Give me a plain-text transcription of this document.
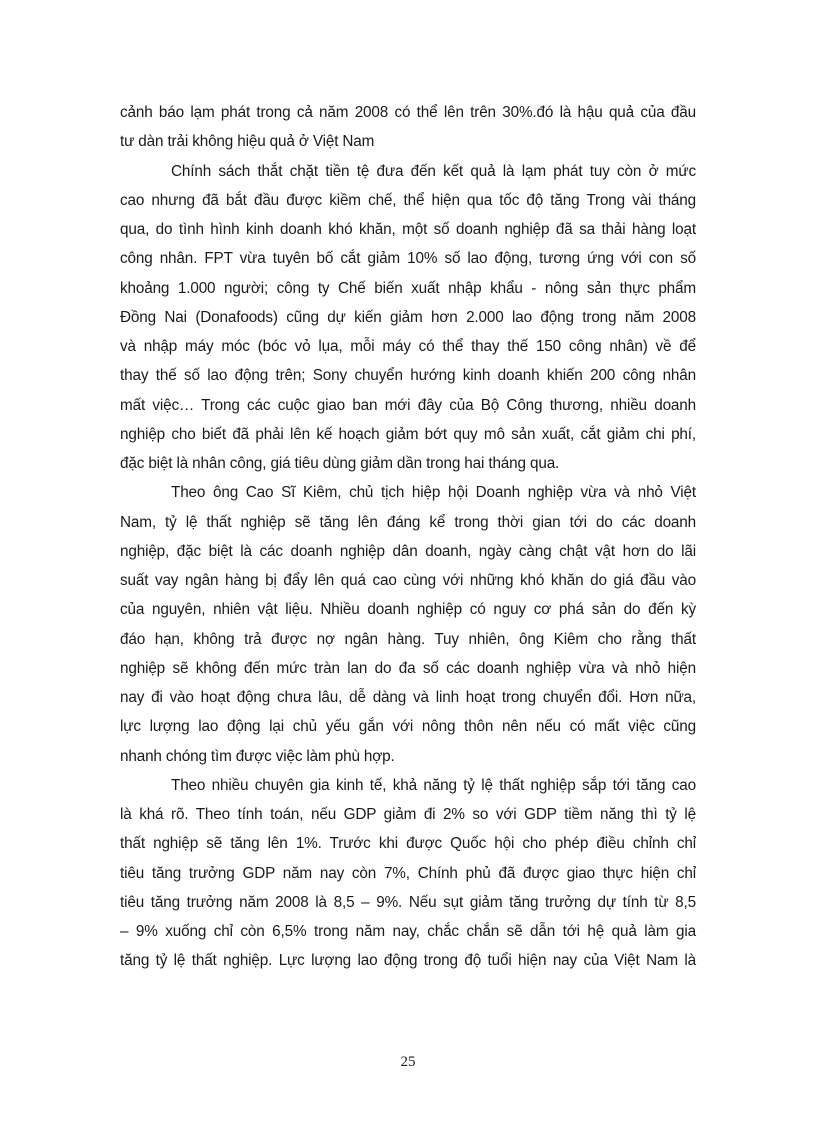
cảnh báo lạm phát trong cả năm 2008 có thể lên trên 30%.đó là hậu quả của đầu
tư dàn trải không hiệu quả ở Việt Nam
Chính sách thắt chặt tiền tệ đưa đến kết quả là lạm phát tuy còn ở mức
cao nhưng đã bắt đầu được kiềm chế, thể hiện qua tốc độ tăng Trong vài tháng
qua, do tình hình kinh doanh khó khăn, một số doanh nghiệp đã sa thải hàng loạt
công nhân. FPT vừa tuyên bố cắt giảm 10% số lao động, tương ứng với con số
khoảng 1.000 người; công ty Chế biến xuất nhập khẩu - nông sản thực phẩm
Đồng Nai (Donafoods) cũng dự kiến giảm hơn 2.000 lao động trong năm 2008
và nhập máy móc (bóc vỏ lụa, mỗi máy có thể thay thế 150 công nhân) về để
thay thế số lao động trên; Sony chuyển hướng kinh doanh khiến 200 công nhân
mất việc… Trong các cuộc giao ban mới đây của Bộ Công thương, nhiều doanh
nghiệp cho biết đã phải lên kế hoạch giảm bớt quy mô sản xuất, cắt giảm chi phí,
đặc biệt là nhân công, giá tiêu dùng giảm dần trong hai tháng qua.
Theo ông Cao Sĩ Kiêm, chủ tịch hiệp hội Doanh nghiệp vừa và nhỏ Việt
Nam, tỷ lệ thất nghiệp sẽ tăng lên đáng kể trong thời gian tới do các doanh
nghiệp, đặc biệt là các doanh nghiệp dân doanh, ngày càng chật vật hơn do lãi
suất vay ngân hàng bị đẩy lên quá cao cùng với những khó khăn do giá đầu vào
của nguyên, nhiên vật liệu. Nhiều doanh nghiệp có nguy cơ phá sản do đến kỳ
đáo hạn, không trả được nợ ngân hàng. Tuy nhiên, ông Kiêm cho rằng thất
nghiệp sẽ không đến mức tràn lan do đa số các doanh nghiệp vừa và nhỏ hiện
nay đi vào hoạt động chưa lâu, dễ dàng và linh hoạt trong chuyển đổi. Hơn nữa,
lực lượng lao động lại chủ yếu gắn với nông thôn nên nếu có mất việc cũng
nhanh chóng tìm được việc làm phù hợp.
Theo nhiều chuyên gia kinh tế, khả năng tỷ lệ thất nghiệp sắp tới tăng cao
là khá rõ. Theo tính toán, nếu GDP giảm đi 2% so với GDP tiềm năng thì tỷ lệ
thất nghiệp sẽ tăng lên 1%. Trước khi được Quốc hội cho phép điều chỉnh chỉ
tiêu tăng trưởng GDP năm nay còn 7%, Chính phủ đã được giao thực hiện chỉ
tiêu tăng trưởng năm 2008 là 8,5 – 9%. Nếu sụt giảm tăng trưởng dự tính từ 8,5
– 9% xuống chỉ còn 6,5% trong năm nay, chắc chắn sẽ dẫn tới hệ quả làm gia
tăng tỷ lệ thất nghiệp. Lực lượng lao động trong độ tuổi hiện nay của Việt Nam là
25
